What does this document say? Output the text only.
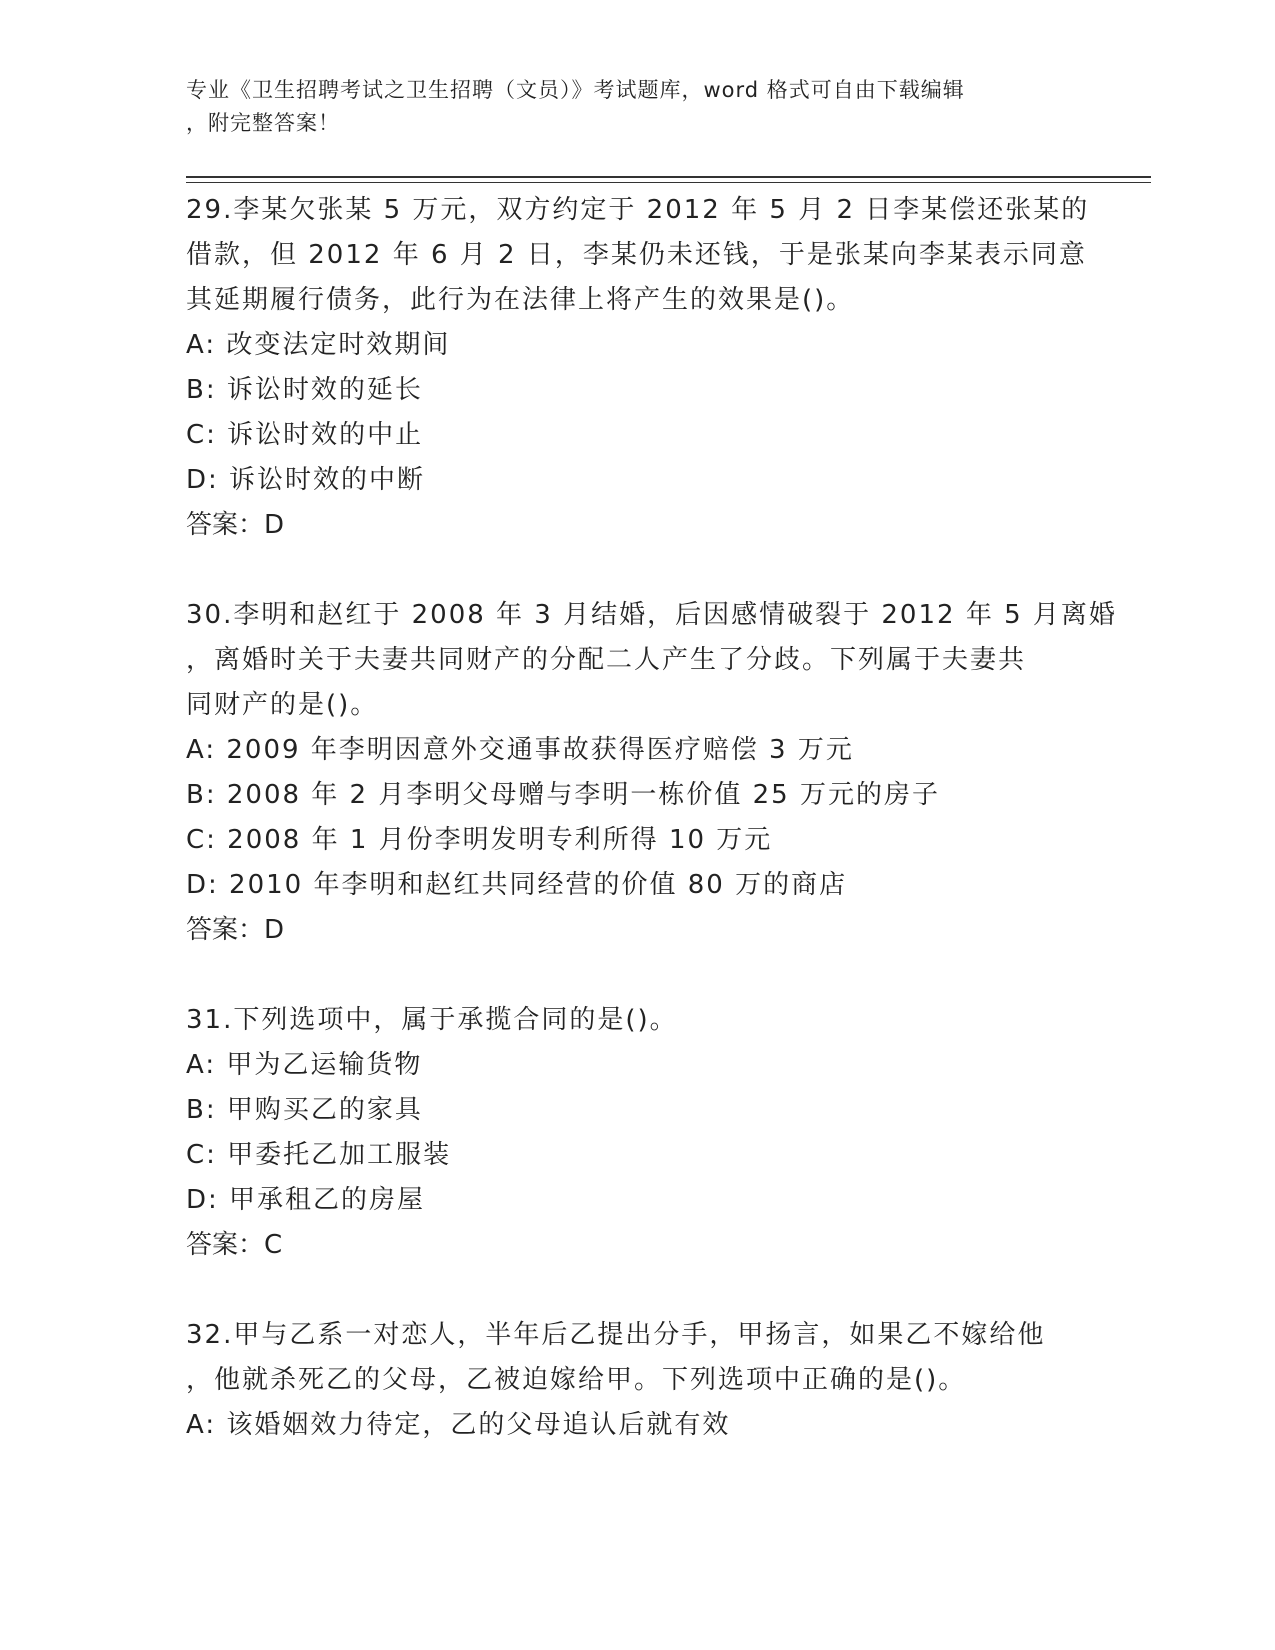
专业《卫生招聘考试之卫生招聘（文员）》考试题库，word 格式可自由下载编辑
，附完整答案！
29.李某欠张某 5 万元，双方约定于 2012 年 5 月 2 日李某偿还张某的
借款，但 2012 年 6 月 2 日，李某仍未还钱，于是张某向李某表示同意
其延期履行债务，此行为在法律上将产生的效果是()。
A: 改变法定时效期间
B: 诉讼时效的延长
C: 诉讼时效的中止
D: 诉讼时效的中断
答案：D
30.李明和赵红于 2008 年 3 月结婚，后因感情破裂于 2012 年 5 月离婚
，离婚时关于夫妻共同财产的分配二人产生了分歧。下列属于夫妻共
同财产的是()。
A: 2009 年李明因意外交通事故获得医疗赔偿 3 万元
B: 2008 年 2 月李明父母赠与李明一栋价值 25 万元的房子
C: 2008 年 1 月份李明发明专利所得 10 万元
D: 2010 年李明和赵红共同经营的价值 80 万的商店
答案：D
31.下列选项中，属于承揽合同的是()。
A: 甲为乙运输货物
B: 甲购买乙的家具
C: 甲委托乙加工服装
D: 甲承租乙的房屋
答案：C
32.甲与乙系一对恋人，半年后乙提出分手，甲扬言，如果乙不嫁给他
，他就杀死乙的父母，乙被迫嫁给甲。下列选项中正确的是()。
A: 该婚姻效力待定，乙的父母追认后就有效
